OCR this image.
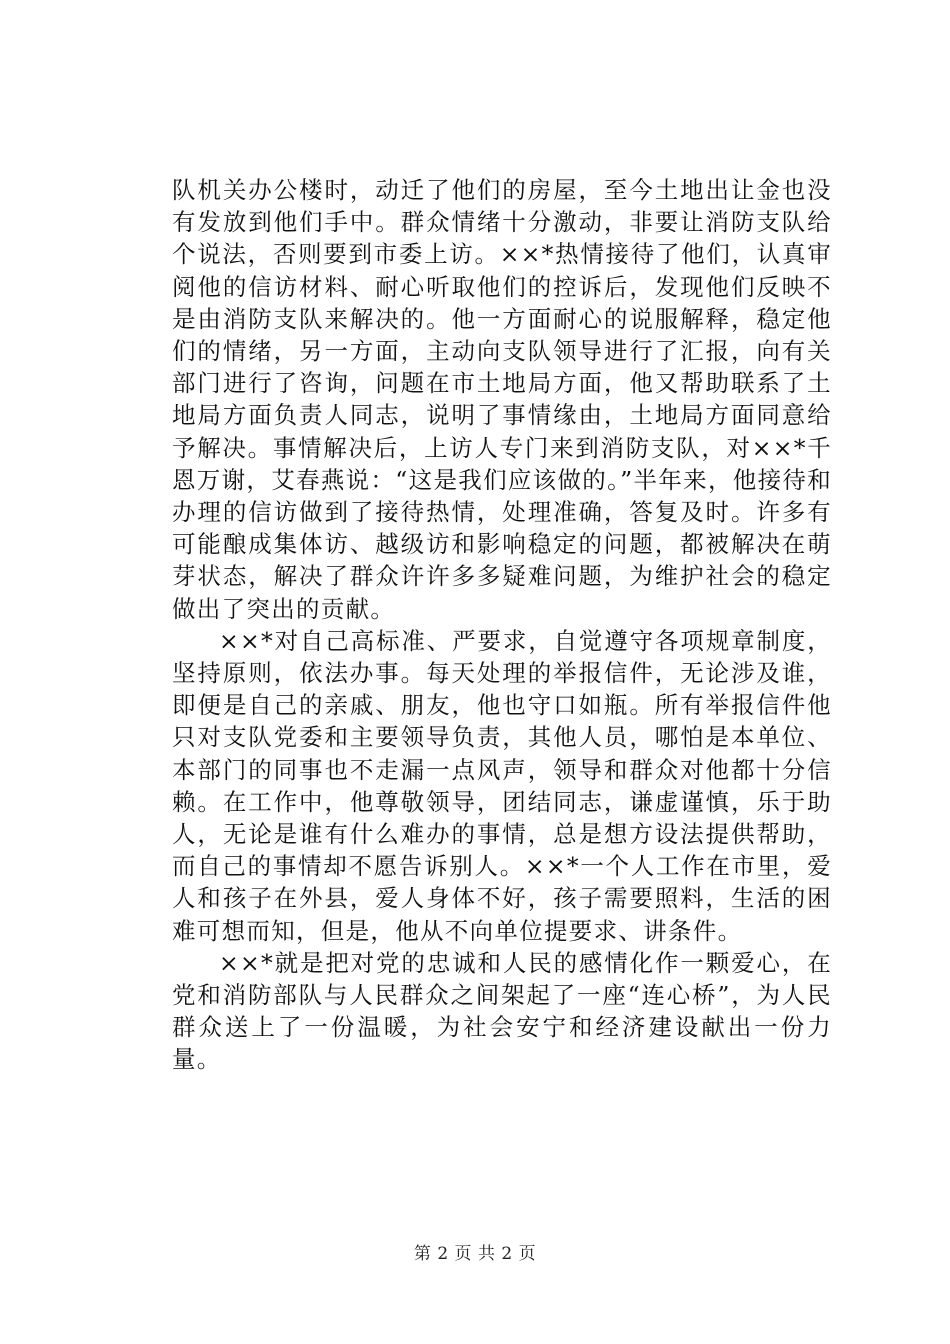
队机关办公楼时，动迁了他们的房屋，至今土地出让金也没有发放到他们手中。群众情绪十分激动，非要让消防支队给个说法，否则要到市委上访。××*热情接待了他们，认真审阅他的信访材料、耐心听取他们的控诉后，发现他们反映不是由消防支队来解决的。他一方面耐心的说服解释，稳定他们的情绪，另一方面，主动向支队领导进行了汇报，向有关部门进行了咨询，问题在市土地局方面，他又帮助联系了土地局方面负责人同志，说明了事情缘由，土地局方面同意给予解决。事情解决后，上访人专门来到消防支队，对××*千恩万谢，艾春燕说：“这是我们应该做的。”半年来，他接待和办理的信访做到了接待热情，处理准确，答复及时。许多有可能酿成集体访、越级访和影响稳定的问题，都被解决在萌芽状态，解决了群众许许多多疑难问题，为维护社会的稳定做出了突出的贡献。

××*对自己高标准、严要求，自觉遵守各项规章制度，坚持原则，依法办事。每天处理的举报信件，无论涉及谁，即便是自己的亲戚、朋友，他也守口如瓶。所有举报信件他只对支队党委和主要领导负责，其他人员，哪怕是本单位、本部门的同事也不走漏一点风声，领导和群众对他都十分信赖。在工作中，他尊敬领导，团结同志，谦虚谨慎，乐于助人，无论是谁有什么难办的事情，总是想方设法提供帮助，而自己的事情却不愿告诉别人。××*一个人工作在市里，爱人和孩子在外县，爱人身体不好，孩子需要照料，生活的困难可想而知，但是，他从不向单位提要求、讲条件。

××*就是把对党的忠诚和人民的感情化作一颗爱心，在党和消防部队与人民群众之间架起了一座“连心桥”，为人民群众送上了一份温暖，为社会安宁和经济建设献出一份力量。

第 2 页 共 2 页
